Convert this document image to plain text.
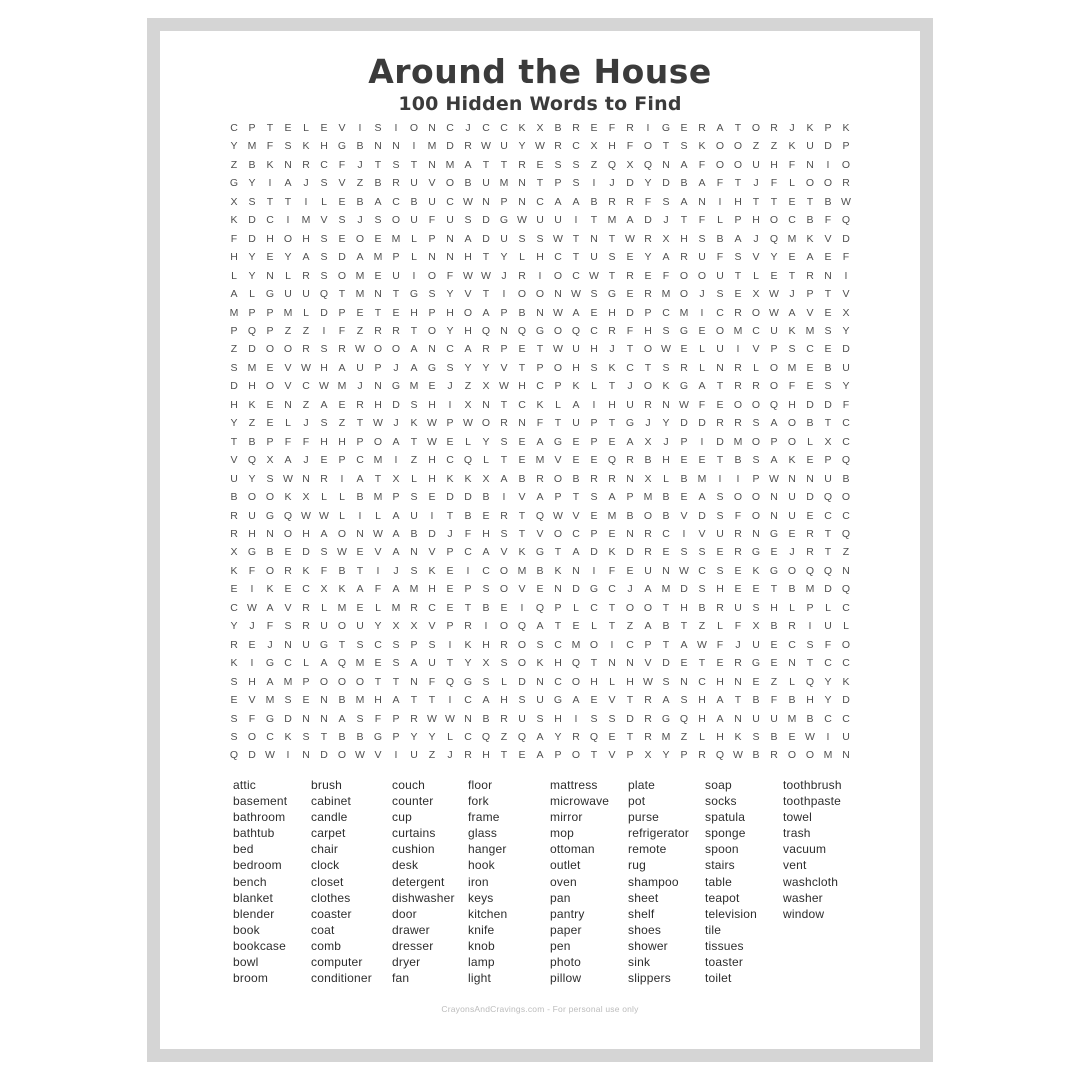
Around the House
100 Hidden Words to Find
C	P	T	E	L	E	V	I	S	I	O N C	J	C C	K	X	B	R	E	F	R	I	G E	R	A	T	O R	J	K	P	K
Y M F	S	K	H G B	N N	I	M D R W U	Y W R C	X	H	F	O	T	S	K O O	Z	Z	K	U D	P
Z	B	K	N R C	F	J	T	S	T	N M A	T	T	R	E	S	S	Z	Q X Q N	A	F	O O U H	F	N	I	O
G Y	I	A	J	S	V	Z	B	R U	V O B	U M N	T	P	S	I	J	D	Y	D	B	A	F	T	J	F	L	O O R
X	S	T	T	I	L	E	B	A	C	B	U C W N	P	N C	A	A	B	R R	F	S	A	N	I	H	T	T	E	T	B W
K	D C	I	M V	S	J	S O U	F	U	S	D G W U U	I	T M A	D	J	T	F	L	P	H O C	B	F	Q
F	D H O H	S	E O E M	L	P	N	A	D U	S	S W T	N	T W R	X	H	S	B	A	J	Q M K	V	D
H	Y	E	Y	A	S	D	A M P	L	N N H	T	Y	L	H C	T	U	S	E	Y	A	R U	F	S	V	Y	E	A	E	F
L	Y	N	L	R	S O M E	U	I	O	F W W J	R	I	O C W T	R	E	F	O O U	T	L	E	T	R N	I
A	L	G U U Q	T M N	T	G S	Y	V	T	I	O O N W S G E	R M O	J	S	E	X W J	P	T	V
M P	P M	L	D	P	E	T	E	H	P	H O A	P	B	N W A	E	H D	P	C M	I	C R O W A	V	E	X
P Q P	Z	Z	I	F	Z	R R	T	O Y	H Q N Q G O Q C R	F	H	S G E O M C U	K M S	Y
Z	D O O R	S	R W O O A	N C	A	R	P	E	T W U H	J	T	O W E	L	U	I	V	P	S	C	E	D
S M E	V W H	A	U	P	J	A G S	Y	Y	V	T	P O H	S	K	C	T	S	R	L	N R	L	O M E	B	U
D H O V	C W M	J	N G M E	J	Z	X W H C	P	K	L	T	J	O K G A	T	R R O	F	E	S	Y
H	K	E	N	Z	A	E	R H D	S	H	I	X	N	T	C	K	L	A	I	H U R N W F	E O O Q H D D	F
Y	Z	E	L	J	S	Z	T W J	K W P W O R N	F	T	U	P	T	G	J	Y	D D R R	S	A O B	T	C
T	B	P	F	F	H H	P O A	T W E	L	Y	S	E	A G E	P	E	A	X	J	P	I	D M O P O	L	X	C
V Q X	A	J	E	P	C M	I	Z	H C Q	L	T	E M V	E	E Q R	B	H	E	E	T	B	S	A	K	E	P Q
U	Y	S W N R	I	A	T	X	L	H	K	K	X	A	B	R O B	R R N	X	L	B M	I	I	P W N N U	B
B O O K	X	L	L	B M P	S	E	D D	B	I	V	A	P	T	S	A	P M B	E	A	S O O N U D Q O
R U G Q W W L	I	L	A	U	I	T	B	E	R	T	Q W V	E M B O B	V	D	S	F	O N U	E	C C
R H N O H	A O N W A	B	D	J	F	H	S	T	V O C	P	E	N R C	I	V	U R N G E	R	T	Q
X G B	E	D	S W E	V	A	N	V	P	C	A	V	K G	T	A	D	K	D R	E	S	S	E	R G E	J	R	T	Z
K	F	O R	K	F	B	T	I	J	S	K	E	I	C O M B	K	N	I	F	E	U N W C	S	E	K G O Q Q N
E	I	K	E	C	X	K	A	F	A M H	E	P	S O V	E	N D G C	J	A M D	S	H	E	E	T	B M D Q
C W A	V	R	L	M E	L	M R C	E	T	B	E	I	Q P	L	C	T	O O	T	H	B	R U	S	H	L	P	L	C
Y	J	F	S	R U O U	Y	X	X	V	P	R	I	O Q A	T	E	L	T	Z	A	B	T	Z	L	F	X	B	R	I	U	L
R	E	J	N U G	T	S	C	S	P	S	I	K	H R O S	C M O	I	C	P	T	A W F	J	U	E	C	S	F	O
K	I	G C	L	A Q M E	S	A	U	T	Y	X	S O K	H Q	T	N N	V	D	E	T	E	R G E	N	T	C C
S	H	A M P O O O	T	T	N	F	Q G S	L	D N C O H	L	H W S	N C H N	E	Z	L	Q Y	K
E	V M S	E	N	B M H	A	T	T	I	C	A	H	S	U G A	E	V	T	R	A	S	H	A	T	B	F	B	H	Y	D
S	F	G D N N	A	S	F	P	R W W N	B	R U	S	H	I	S	S	D R G Q H	A	N U U M B	C C
S O C	K	S	T	B	B G P	Y	Y	L	C Q	Z	Q A	Y	R Q E	T	R M Z	L	H	K	S	B	E W	I	U
Q D W	I	N D O W V	I	U	Z	J	R H	T	E	A	P O	T	V	P	X	Y	P	R Q W B	R O O M N
attic
basement
bathroom
bathtub
bed
bedroom
bench
blanket
blender
book
bookcase
bowl
broom
brush
cabinet
candle
carpet
chair
clock
closet
clothes
coaster
coat
comb
computer
conditioner
couch
counter
cup
curtains
cushion
desk
detergent
dishwasher
door
drawer
dresser
dryer
fan
floor
fork
frame
glass
hanger
hook
iron
keys
kitchen
knife
knob
lamp
light
mattress
microwave
mirror
mop
ottoman
outlet
oven
pan
pantry
paper
pen
photo
pillow
plate
pot
purse
refrigerator
remote
rug
shampoo
sheet
shelf
shoes
shower
sink
slippers
soap
socks
spatula
sponge
spoon
stairs
table
teapot
television
tile
tissues
toaster
toilet
toothbrush
toothpaste
towel
trash
vacuum
vent
washcloth
washer
window
CrayonsAndCravings.com - For personal use only
